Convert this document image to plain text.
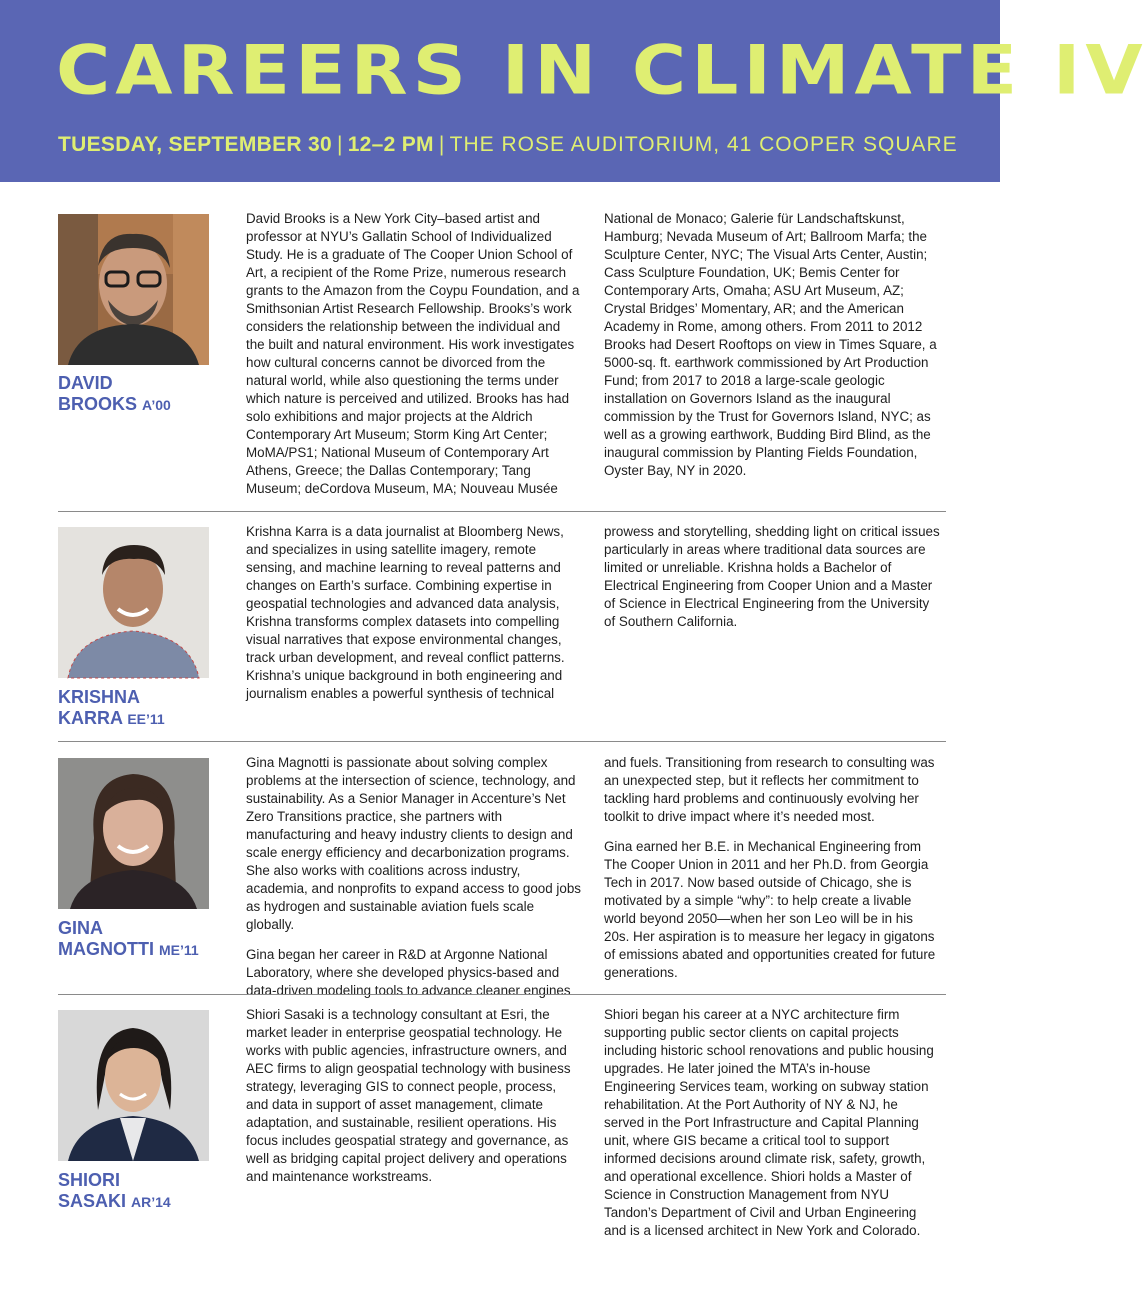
CAREERS IN CLIMATE IV
TUESDAY, SEPTEMBER 30 | 12–2 PM | THE ROSE AUDITORIUM, 41 COOPER SQUARE
DAVID
BROOKS A’00

David Brooks is a New York City–based artist and professor at NYU’s Gallatin School of Individualized Study. He is a graduate of The Cooper Union School of Art, a recipient of the Rome Prize, numerous research grants to the Amazon from the Coypu Foundation, and a Smithsonian Artist Research Fellowship. Brooks’s work considers the relationship between the individual and the built and natural environment. His work investigates how cultural concerns cannot be divorced from the natural world, while also questioning the terms under which nature is perceived and utilized. Brooks has had solo exhibitions and major projects at the Aldrich Contemporary Art Museum; Storm King Art Center; MoMA/PS1; National Museum of Contemporary Art Athens, Greece; the Dallas Contemporary; Tang Museum; deCordova Museum, MA; Nouveau Musée

National de Monaco; Galerie für Landschaftskunst, Hamburg; Nevada Museum of Art; Ballroom Marfa; the Sculpture Center, NYC; The Visual Arts Center, Austin; Cass Sculpture Foundation, UK; Bemis Center for Contemporary Arts, Omaha; ASU Art Museum, AZ; Crystal Bridges’ Momentary, AR; and the American Academy in Rome, among others. From 2011 to 2012 Brooks had Desert Rooftops on view in Times Square, a 5000-sq. ft. earthwork commissioned by Art Production Fund; from 2017 to 2018 a large-scale geologic installation on Governors Island as the inaugural commission by the Trust for Governors Island, NYC; as well as a growing earthwork, Budding Bird Blind, as the inaugural commission by Planting Fields Foundation, Oyster Bay, NY in 2020.

KRISHNA
KARRA EE’11

Krishna Karra is a data journalist at Bloomberg News, and specializes in using satellite imagery, remote sensing, and machine learning to reveal patterns and changes on Earth’s surface. Combining expertise in geospatial technologies and advanced data analysis, Krishna transforms complex datasets into compelling visual narratives that expose environmental changes, track urban development, and reveal conflict patterns. Krishna’s unique background in both engineering and journalism enables a powerful synthesis of technical

prowess and storytelling, shedding light on critical issues particularly in areas where traditional data sources are limited or unreliable. Krishna holds a Bachelor of Electrical Engineering from Cooper Union and a Master of Science in Electrical Engineering from the University of Southern California.

GINA
MAGNOTTI ME’11

Gina Magnotti is passionate about solving complex problems at the intersection of science, technology, and sustainability. As a Senior Manager in Accenture’s Net Zero Transitions practice, she partners with manufacturing and heavy industry clients to design and scale energy efficiency and decarbonization programs. She also works with coalitions across industry, academia, and nonprofits to expand access to good jobs as hydrogen and sustainable aviation fuels scale globally.

Gina began her career in R&D at Argonne National Laboratory, where she developed physics-based and data-driven modeling tools to advance cleaner engines

and fuels. Transitioning from research to consulting was an unexpected step, but it reflects her commitment to tackling hard problems and continuously evolving her toolkit to drive impact where it’s needed most.

Gina earned her B.E. in Mechanical Engineering from The Cooper Union in 2011 and her Ph.D. from Georgia Tech in 2017. Now based outside of Chicago, she is motivated by a simple “why”: to help create a livable world beyond 2050—when her son Leo will be in his 20s. Her aspiration is to measure her legacy in gigatons of emissions abated and opportunities created for future generations.

SHIORI
SASAKI AR’14

Shiori Sasaki is a technology consultant at Esri, the market leader in enterprise geospatial technology. He works with public agencies, infrastructure owners, and AEC firms to align geospatial technology with business strategy, leveraging GIS to connect people, process, and data in support of asset management, climate adaptation, and sustainable, resilient operations. His focus includes geospatial strategy and governance, as well as bridging capital project delivery and operations and maintenance workstreams.

Shiori began his career at a NYC architecture firm supporting public sector clients on capital projects including historic school renovations and public housing upgrades. He later joined the MTA’s in-house Engineering Services team, working on subway station rehabilitation. At the Port Authority of NY & NJ, he served in the Port Infrastructure and Capital Planning unit, where GIS became a critical tool to support informed decisions around climate risk, safety, growth, and operational excellence. Shiori holds a Master of Science in Construction Management from NYU Tandon’s Department of Civil and Urban Engineering and is a licensed architect in New York and Colorado.
